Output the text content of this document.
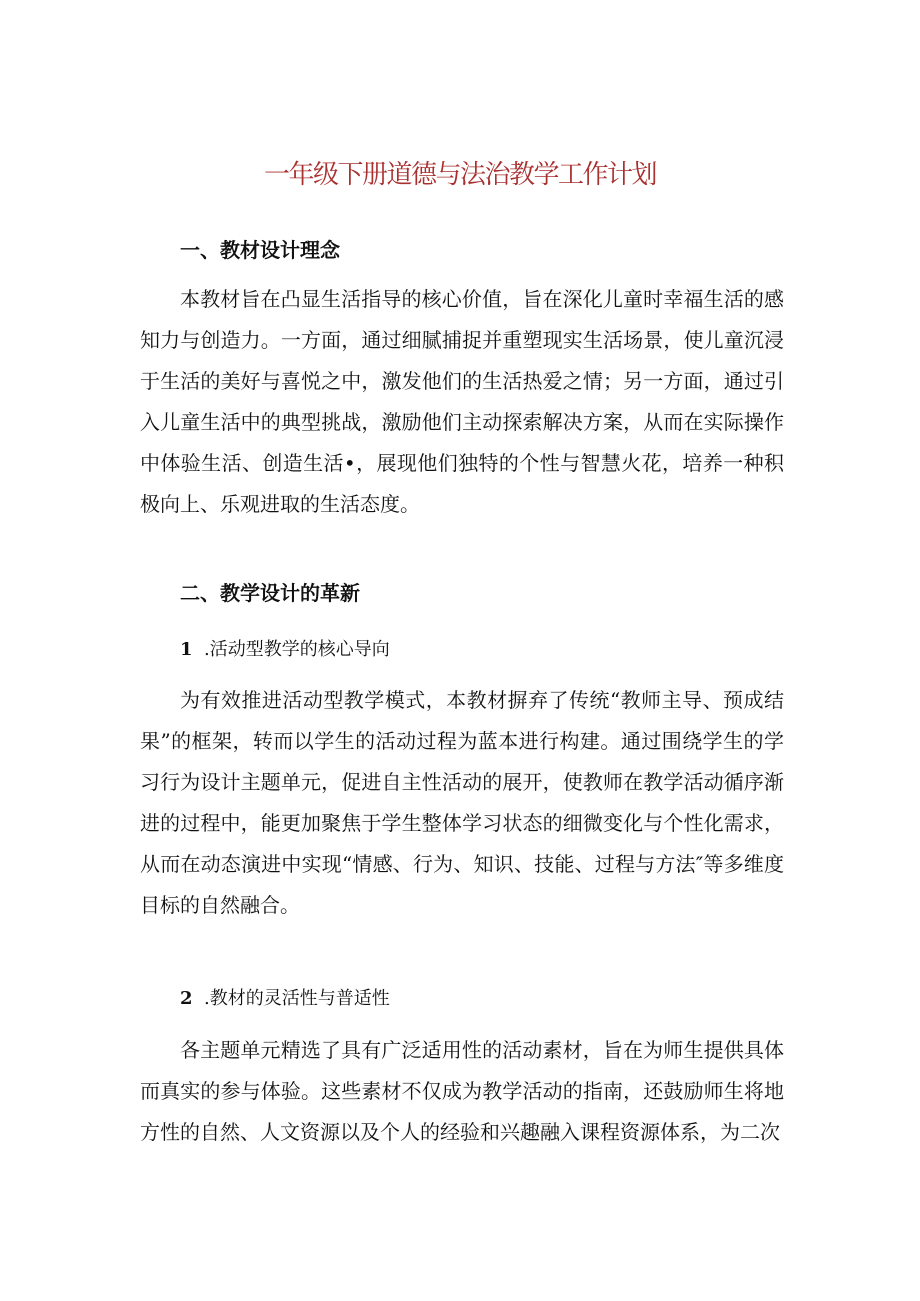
一年级下册道德与法治教学工作计划
一、教材设计理念

本教材旨在凸显生活指导的核心价值，旨在深化儿童时幸福生活的感知力与创造力。一方面，通过细腻捕捉并重塑现实生活场景，使儿童沉浸于生活的美好与喜悦之中，激发他们的生活热爱之情；另一方面，通过引入儿童生活中的典型挑战，激励他们主动探索解决方案，从而在实际操作中体验生活、创造生活•，展现他们独特的个性与智慧火花，培养一种积极向上、乐观进取的生活态度。

二、教学设计的革新
1 .活动型教学的核心导向

为有效推进活动型教学模式，本教材摒弃了传统“教师主导、预成结果”的框架，转而以学生的活动过程为蓝本进行构建。通过围绕学生的学习行为设计主题单元，促进自主性活动的展开，使教师在教学活动循序渐进的过程中，能更加聚焦于学生整体学习状态的细微变化与个性化需求，从而在动态演进中实现“情感、行为、知识、技能、过程与方法″等多维度目标的自然融合。

2 .教材的灵活性与普适性

各主题单元精选了具有广泛适用性的活动素材，旨在为师生提供具体而真实的参与体验。这些素材不仅成为教学活动的指南，还鼓励师生将地方性的自然、人文资源以及个人的经验和兴趣融入课程资源体系，为二次
